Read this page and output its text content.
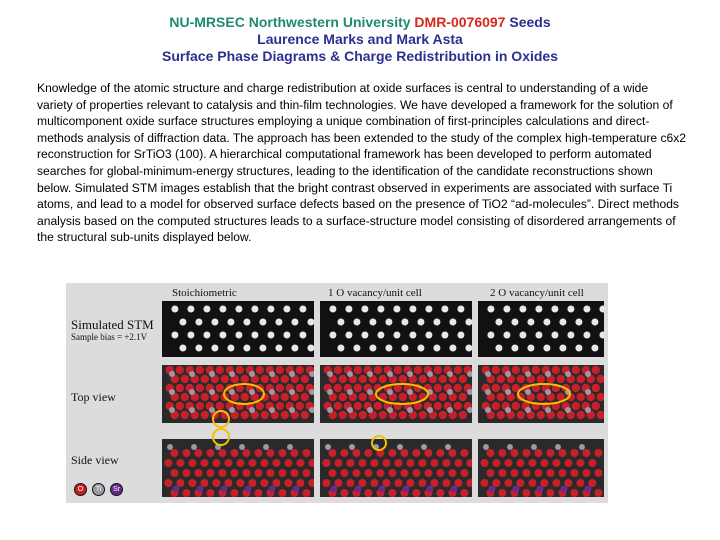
NU-MRSEC Northwestern University DMR-0076097 Seeds
Laurence Marks and Mark Asta
Surface Phase Diagrams & Charge Redistribution in Oxides
Knowledge of the atomic structure and charge redistribution at oxide surfaces is central to understanding of a wide variety of properties relevant to catalysis and thin-film technologies. We have developed a framework for the solution of multicomponent oxide surface structures employing a unique combination of first-principles calculations and direct-methods analysis of diffraction data. The approach has been extended to the study of the complex high-temperature c6x2 reconstruction for SrTiO3 (100). A hierarchical computational framework has been developed to perform automated searches for global-minimum-energy structures, leading to the identification of the candidate reconstructions shown below. Simulated STM images establish that the bright contrast observed in experiments are associated with surface Ti atoms, and lead to a model for observed surface defects based on the presence of TiO2 “ad-molecules”. Direct methods analysis based on the computed structures leads to a surface-structure model consisting of disordered arrangements of the structural sub-units displayed below.
Simulated STM
Sample bias = +2.1V
Top view
Side view
Stoichiometric	1 O vacancy/unit cell	2 O vacancy/unit cell
O	Ti	Sr
